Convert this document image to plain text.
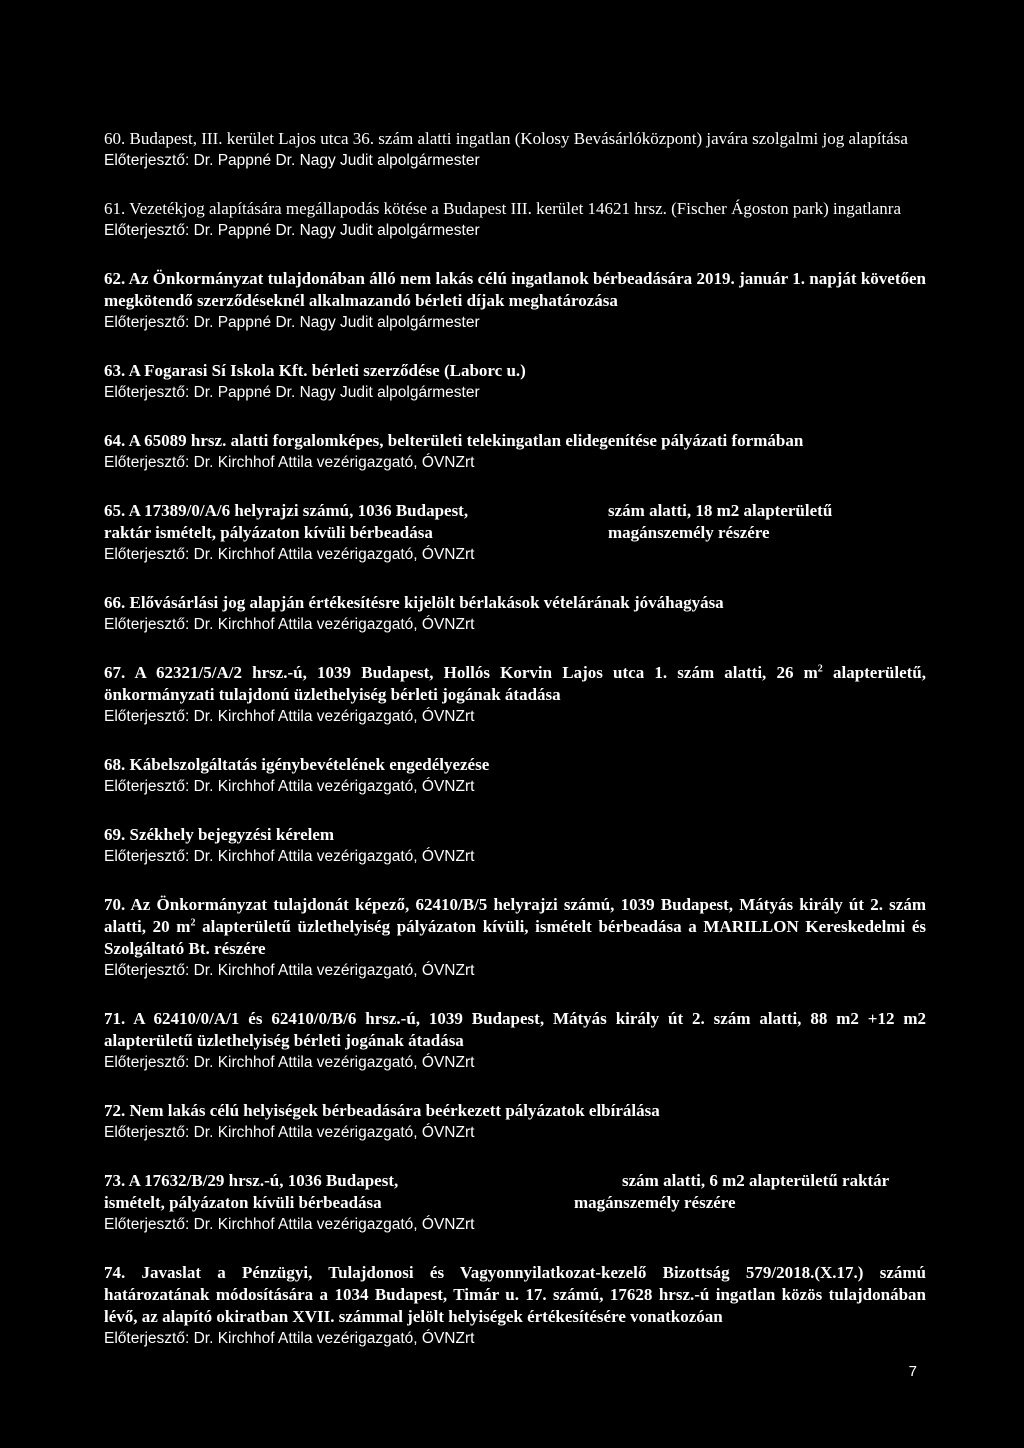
60. Budapest, III. kerület Lajos utca 36. szám alatti ingatlan (Kolosy Bevásárlóközpont) javára szolgalmi jog alapítása
Előterjesztő: Dr. Pappné Dr. Nagy Judit alpolgármester
61. Vezetékjog alapítására megállapodás kötése a Budapest III. kerület 14621 hrsz. (Fischer Ágoston park) ingatlanra
Előterjesztő: Dr. Pappné Dr. Nagy Judit alpolgármester
62. Az Önkormányzat tulajdonában álló nem lakás célú ingatlanok bérbeadására 2019. január 1. napját követően megkötendő szerződéseknél alkalmazandó bérleti díjak meghatározása
Előterjesztő: Dr. Pappné Dr. Nagy Judit alpolgármester
63. A Fogarasi Sí Iskola Kft. bérleti szerződése (Laborc u.)
Előterjesztő: Dr. Pappné Dr. Nagy Judit alpolgármester
64. A 65089 hrsz. alatti forgalomképes, belterületi telekingatlan elidegenítése pályázati formában
Előterjesztő: Dr. Kirchhof Attila vezérigazgató, ÓVNZrt
65. A 17389/0/A/6 helyrajzi számú, 1036 Budapest,	szám alatti, 18 m2 alapterületű
raktár ismételt, pályázaton kívüli bérbeadása	magánszemély részére
Előterjesztő: Dr. Kirchhof Attila vezérigazgató, ÓVNZrt
66. Elővásárlási jog alapján értékesítésre kijelölt bérlakások vételárának jóváhagyása
Előterjesztő: Dr. Kirchhof Attila vezérigazgató, ÓVNZrt
67. A 62321/5/A/2 hrsz.-ú, 1039 Budapest, Hollós Korvin Lajos utca 1. szám alatti, 26 $m^2$ alapterületű, önkormányzati tulajdonú üzlethelyiség bérleti jogának átadása
Előterjesztő: Dr. Kirchhof Attila vezérigazgató, ÓVNZrt
68. Kábelszolgáltatás igénybevételének engedélyezése
Előterjesztő: Dr. Kirchhof Attila vezérigazgató, ÓVNZrt
69. Székhely bejegyzési kérelem
Előterjesztő: Dr. Kirchhof Attila vezérigazgató, ÓVNZrt
70. Az Önkormányzat tulajdonát képező, 62410/B/5 helyrajzi számú, 1039 Budapest, Mátyás király út 2. szám alatti, 20 $m^2$ alapterületű üzlethelyiség pályázaton kívüli, ismételt bérbeadása a MARILLON Kereskedelmi és Szolgáltató Bt. részére
Előterjesztő: Dr. Kirchhof Attila vezérigazgató, ÓVNZrt
71. A 62410/0/A/1 és 62410/0/B/6 hrsz.-ú, 1039 Budapest, Mátyás király út 2. szám alatti, 88 m2 +12 m2 alapterületű üzlethelyiség bérleti jogának átadása
Előterjesztő: Dr. Kirchhof Attila vezérigazgató, ÓVNZrt
72. Nem lakás célú helyiségek bérbeadására beérkezett pályázatok elbírálása
Előterjesztő: Dr. Kirchhof Attila vezérigazgató, ÓVNZrt
73. A 17632/B/29 hrsz.-ú, 1036 Budapest,	szám alatti, 6 m2 alapterületű raktár
ismételt, pályázaton kívüli bérbeadása	magánszemély részére
Előterjesztő: Dr. Kirchhof Attila vezérigazgató, ÓVNZrt
74. Javaslat a Pénzügyi, Tulajdonosi és Vagyonnyilatkozat-kezelő Bizottság 579/2018.(X.17.) számú határozatának módosítására a 1034 Budapest, Timár u. 17. számú, 17628 hrsz.-ú ingatlan közös tulajdonában lévő, az alapító okiratban XVII. számmal jelölt helyiségek értékesítésére vonatkozóan
Előterjesztő: Dr. Kirchhof Attila vezérigazgató, ÓVNZrt
7
